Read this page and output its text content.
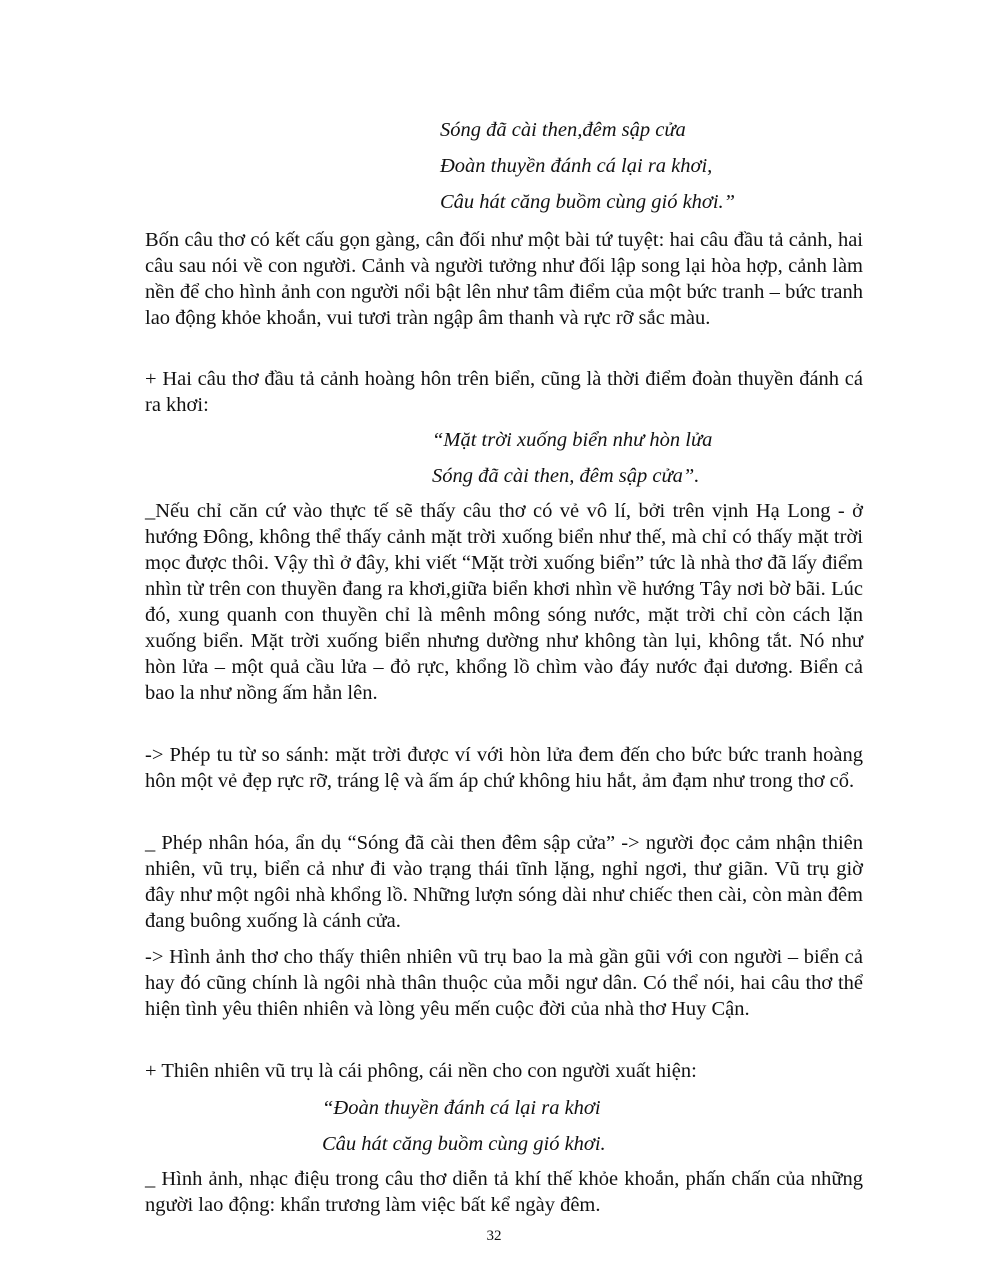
Sóng đã cài then,đêm sập cửa

Đoàn thuyền đánh cá lại ra khơi,

Câu hát căng buồm cùng gió khơi.”

Bốn câu thơ có kết cấu gọn gàng, cân đối như một bài tứ tuyệt: hai câu đầu tả cảnh, hai câu sau nói về con người. Cảnh và người tưởng như đối lập song lại hòa hợp, cảnh làm nền để cho hình ảnh con người nổi bật lên như tâm điểm của một bức tranh – bức tranh lao động khỏe khoắn, vui tươi tràn ngập âm thanh và rực rỡ sắc màu.

+ Hai câu thơ đầu tả cảnh hoàng hôn trên biển, cũng là thời điểm đoàn thuyền đánh cá ra khơi:

“Mặt trời xuống biển như hòn lửa

Sóng đã cài then, đêm sập cửa”.

_Nếu chỉ căn cứ vào thực tế sẽ thấy câu thơ có vẻ vô lí, bởi trên vịnh Hạ Long - ở hướng Đông, không thể thấy cảnh mặt trời xuống biển như thế, mà chỉ có thấy mặt trời mọc được thôi. Vậy thì ở đây, khi viết “Mặt trời xuống biển” tức là nhà thơ đã lấy điểm nhìn từ trên con thuyền đang ra khơi,giữa biển khơi nhìn về hướng Tây nơi bờ bãi. Lúc đó, xung quanh con thuyền chỉ là mênh mông sóng nước, mặt trời chỉ còn cách lặn xuống biển. Mặt trời xuống biển nhưng dường như không tàn lụi, không tắt. Nó như hòn lửa – một quả cầu lửa – đỏ rực, khổng lồ chìm vào đáy nước đại dương. Biển cả bao la như nồng ấm hẳn lên.

-> Phép tu từ so sánh: mặt trời được ví với hòn lửa đem đến cho bức bức tranh hoàng hôn một vẻ đẹp rực rỡ, tráng lệ và ấm áp chứ không hiu hắt, ảm đạm như trong thơ cổ.

_ Phép nhân hóa, ẩn dụ “Sóng đã cài then đêm sập cửa” -> người đọc cảm nhận thiên nhiên, vũ trụ, biển cả như đi vào trạng thái tĩnh lặng, nghỉ ngơi, thư giãn. Vũ trụ giờ đây như một ngôi nhà khổng lồ. Những lượn sóng dài như chiếc then cài, còn màn đêm đang buông xuống là cánh cửa.

-> Hình ảnh thơ cho thấy thiên nhiên vũ trụ bao la mà gần gũi với con người – biển cả hay đó cũng chính là ngôi nhà thân thuộc của mỗi ngư dân. Có thể nói, hai câu thơ thể hiện tình yêu thiên nhiên và lòng yêu mến cuộc đời của nhà thơ Huy Cận.

+ Thiên nhiên vũ trụ là cái phông, cái nền cho con người xuất hiện:

“Đoàn thuyền đánh cá lại ra khơi

Câu hát căng buồm cùng gió khơi.

_ Hình ảnh, nhạc điệu trong câu thơ diễn tả khí thế khỏe khoắn, phấn chấn của những người lao động: khẩn trương làm việc bất kể ngày đêm.

32
